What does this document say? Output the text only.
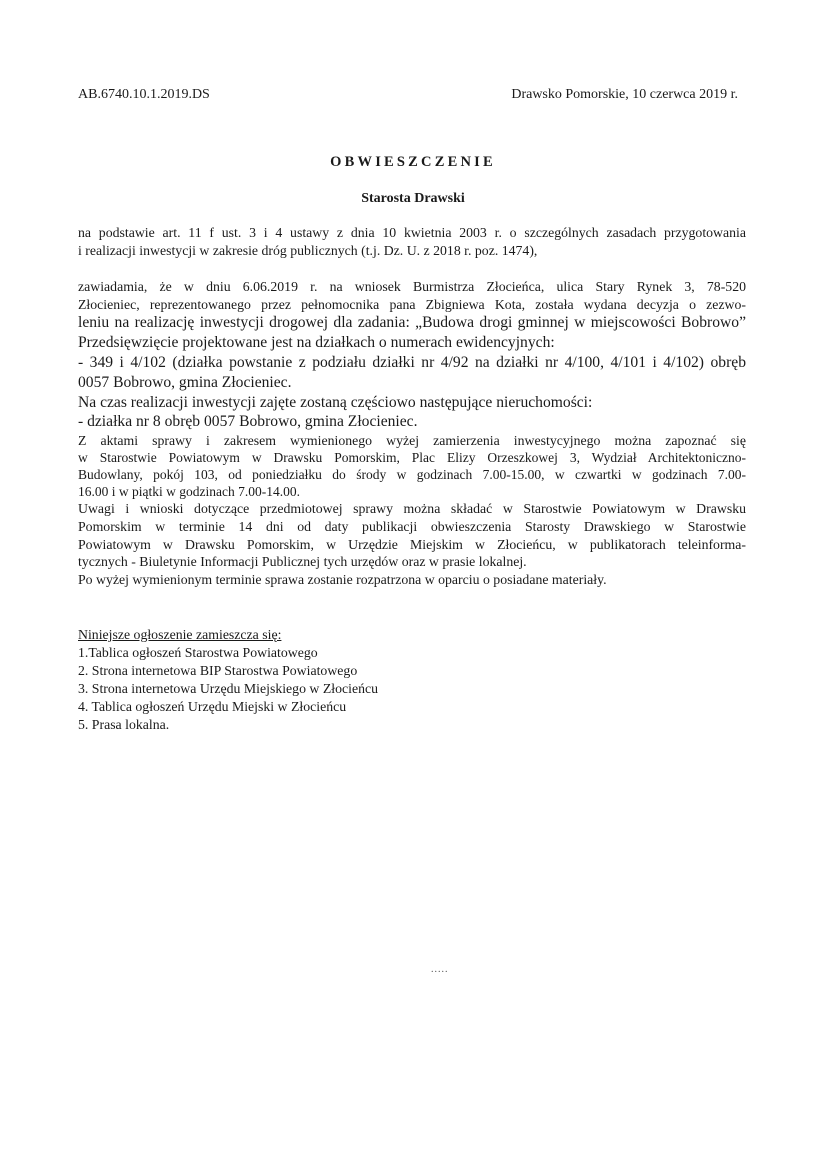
AB.6740.10.1.2019.DS	Drawsko Pomorskie, 10 czerwca 2019 r.
OBWIESZCZENIE
Starosta Drawski
na podstawie art. 11 f ust. 3 i 4 ustawy z dnia 10 kwietnia 2003 r. o szczególnych zasadach przygotowania
i realizacji inwestycji w zakresie dróg publicznych (t.j. Dz. U. z 2018 r. poz. 1474),
zawiadamia, że w dniu 6.06.2019 r. na wniosek Burmistrza Złocieńca, ulica Stary Rynek 3, 78-520
Złocieniec, reprezentowanego przez pełnomocnika pana Zbigniewa Kota, została wydana decyzja o zezwo-
leniu na realizację inwestycji drogowej dla zadania: „Budowa drogi gminnej w miejscowości Bobrowo”
Przedsięwzięcie projektowane jest na działkach o numerach ewidencyjnych:
- 349 i 4/102 (działka powstanie z podziału działki nr 4/92 na działki nr 4/100, 4/101 i 4/102) obręb
0057 Bobrowo, gmina Złocieniec.
Na czas realizacji inwestycji zajęte zostaną częściowo następujące nieruchomości:
- działka nr 8 obręb 0057 Bobrowo, gmina Złocieniec.
Z aktami sprawy i zakresem wymienionego wyżej zamierzenia inwestycyjnego można zapoznać się
w Starostwie Powiatowym w Drawsku Pomorskim, Plac Elizy Orzeszkowej 3, Wydział Architektoniczno-
Budowlany, pokój 103, od poniedziałku do środy w godzinach 7.00-15.00, w czwartki w godzinach 7.00-
16.00 i w piątki w godzinach 7.00-14.00.
Uwagi i wnioski dotyczące przedmiotowej sprawy można składać w Starostwie Powiatowym w Drawsku
Pomorskim w terminie 14 dni od daty publikacji obwieszczenia Starosty Drawskiego w Starostwie
Powiatowym w Drawsku Pomorskim, w Urzędzie Miejskim w Złocieńcu, w publikatorach teleinforma-
tycznych - Biuletynie Informacji Publicznej tych urzędów oraz w prasie lokalnej.
Po wyżej wymienionym terminie sprawa zostanie rozpatrzona w oparciu o posiadane materiały.
Niniejsze ogłoszenie zamieszcza się:
1.Tablica ogłoszeń Starostwa Powiatowego
2. Strona internetowa BIP Starostwa Powiatowego
3. Strona internetowa Urzędu Miejskiego w Złocieńcu
4. Tablica ogłoszeń Urzędu Miejski w Złocieńcu
5. Prasa lokalna.
.....
